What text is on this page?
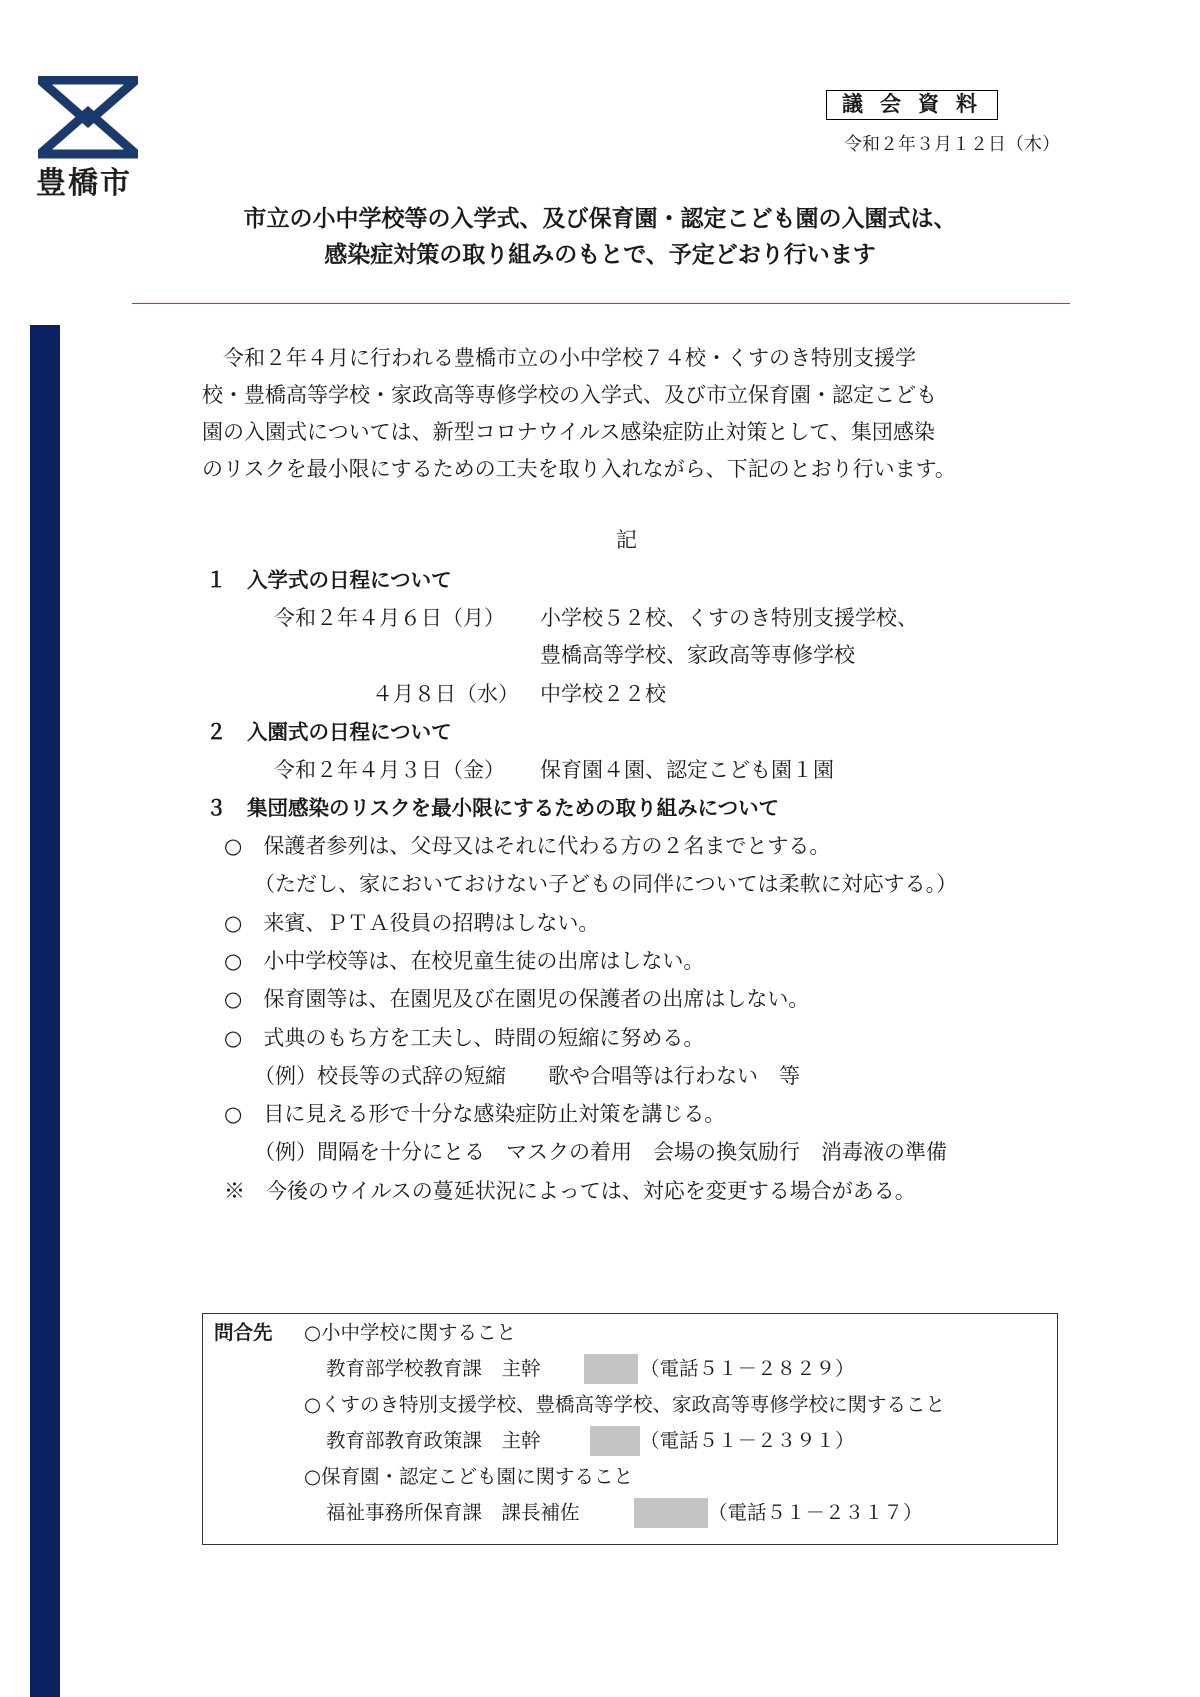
豊橋市
議会資料
令和２年３月１２日（木）
市立の小中学校等の入学式、及び保育園・認定こども園の入園式は、
感染症対策の取り組みのもとで、予定どおり行います
　令和２年４月に行われる豊橋市立の小中学校７４校・くすのき特別支援学
校・豊橋高等学校・家政高等専修学校の入学式、及び市立保育園・認定こども
園の入園式については、新型コロナウイルス感染症防止対策として、集団感染
のリスクを最小限にするための工夫を取り入れながら、下記のとおり行います。
記
１　入学式の日程について
令和２年４月６日（月） 小学校５２校、くすのき特別支援学校、
豊橋高等学校、家政高等専修学校
４月８日（水） 中学校２２校
２　入園式の日程について
令和２年４月３日（金） 保育園４園、認定こども園１園
３　集団感染のリスクを最小限にするための取り組みについて
○　保護者参列は、父母又はそれに代わる方の２名までとする。
（ただし、家においておけない子どもの同伴については柔軟に対応する。）
○　来賓、ＰＴＡ役員の招聘はしない。
○　小中学校等は、在校児童生徒の出席はしない。
○　保育園等は、在園児及び在園児の保護者の出席はしない。
○　式典のもち方を工夫し、時間の短縮に努める。
（例）校長等の式辞の短縮　　歌や合唱等は行わない　等
○　目に見える形で十分な感染症防止対策を講じる。
（例）間隔を十分にとる　マスクの着用　会場の換気励行　消毒液の準備
※　今後のウイルスの蔓延状況によっては、対応を変更する場合がある。
問合先 ○小中学校に関すること
教育部学校教育課　主幹	（電話５１－２８２９）
○くすのき特別支援学校、豊橋高等学校、家政高等専修学校に関すること
教育部教育政策課　主幹	（電話５１－２３９１）
○保育園・認定こども園に関すること
福祉事務所保育課　課長補佐	（電話５１－２３１７）
